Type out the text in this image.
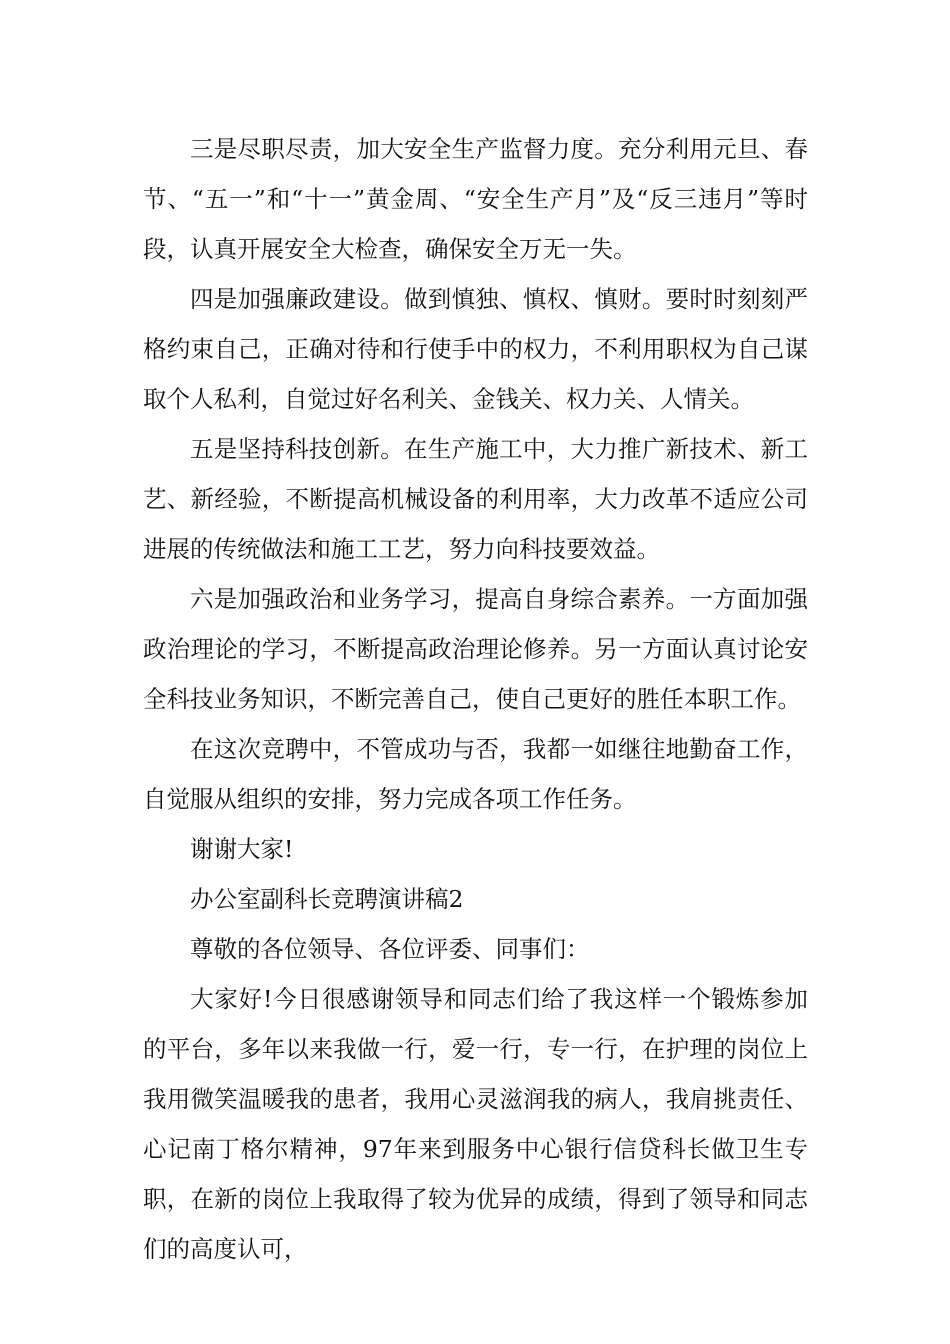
三是尽职尽责，加大安全生产监督力度。充分利用元旦、春节、“五一”和“十一”黄金周、“安全生产月”及“反三违月”等时段，认真开展安全大检查，确保安全万无一失。

四是加强廉政建设。做到慎独、慎权、慎财。要时时刻刻严格约束自己，正确对待和行使手中的权力，不利用职权为自己谋取个人私利，自觉过好名利关、金钱关、权力关、人情关。

五是坚持科技创新。在生产施工中，大力推广新技术、新工艺、新经验，不断提高机械设备的利用率，大力改革不适应公司进展的传统做法和施工工艺，努力向科技要效益。

六是加强政治和业务学习，提高自身综合素养。一方面加强政治理论的学习，不断提高政治理论修养。另一方面认真讨论安全科技业务知识，不断完善自己，使自己更好的胜任本职工作。

在这次竞聘中，不管成功与否，我都一如继往地勤奋工作，自觉服从组织的安排，努力完成各项工作任务。

谢谢大家!

办公室副科长竞聘演讲稿2

尊敬的各位领导、各位评委、同事们：

大家好!今日很感谢领导和同志们给了我这样一个锻炼参加的平台，多年以来我做一行，爱一行，专一行，在护理的岗位上我用微笑温暖我的患者，我用心灵滋润我的病人，我肩挑责任、心记南丁格尔精神，97年来到服务中心银行信贷科长做卫生专职，在新的岗位上我取得了较为优异的成绩，得到了领导和同志们的高度认可，
